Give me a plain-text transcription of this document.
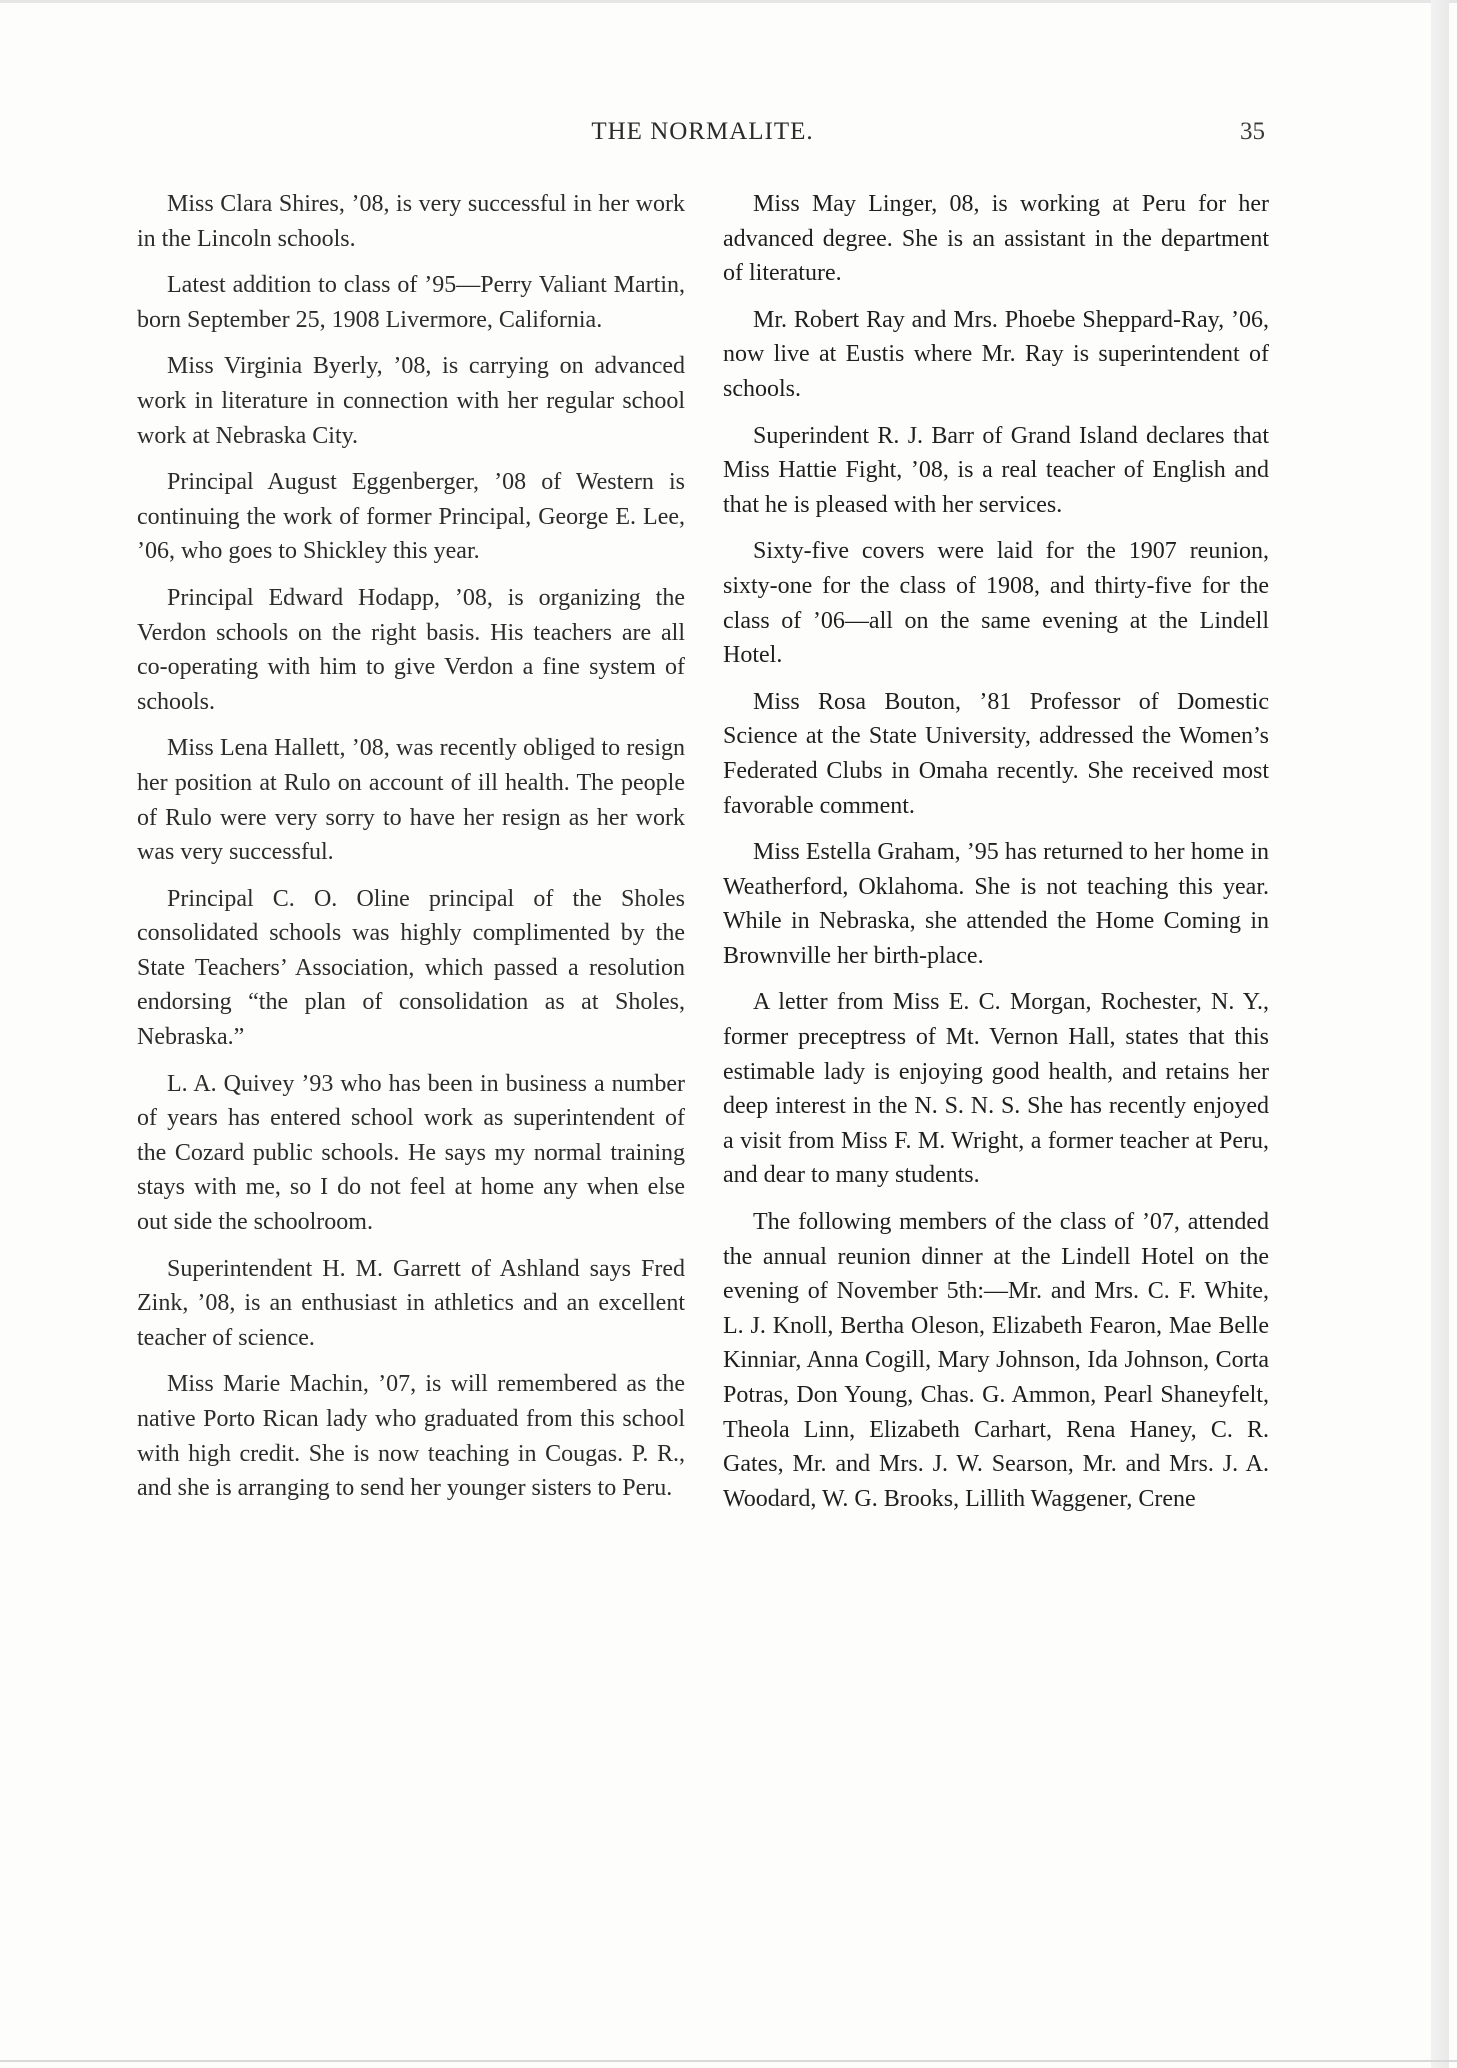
THE NORMALITE.	35

Miss Clara Shires, ’08, is very successful in her work in the Lincoln schools.

Latest addition to class of ’95—Perry Valiant Martin, born September 25, 1908 Livermore, California.

Miss Virginia Byerly, ’08, is carrying on advanced work in literature in connection with her regular school work at Nebraska City.

Principal August Eggenberger, ’08 of Western is continuing the work of former Principal, George E. Lee, ’06, who goes to Shickley this year.

Principal Edward Hodapp, ’08, is organizing the Verdon schools on the right basis. His teachers are all co-operating with him to give Verdon a fine system of schools.

Miss Lena Hallett, ’08, was recently obliged to resign her position at Rulo on account of ill health. The people of Rulo were very sorry to have her resign as her work was very successful.

Principal C. O. Oline principal of the Sholes consolidated schools was highly complimented by the State Teachers’ Association, which passed a resolution endorsing “the plan of consolidation as at Sholes, Nebraska.”

L. A. Quivey ’93 who has been in business a number of years has entered school work as superintendent of the Cozard public schools. He says my normal training stays with me, so I do not feel at home any when else out side the schoolroom.

Superintendent H. M. Garrett of Ashland says Fred Zink, ’08, is an enthusiast in athletics and an excellent teacher of science.

Miss Marie Machin, ’07, is will remembered as the native Porto Rican lady who graduated from this school with high credit. She is now teaching in Cougas. P. R., and she is arranging to send her younger sisters to Peru.

Miss May Linger, 08, is working at Peru for her advanced degree. She is an assistant in the department of literature.

Mr. Robert Ray and Mrs. Phoebe Sheppard-Ray, ’06, now live at Eustis where Mr. Ray is superintendent of schools.

Superindent R. J. Barr of Grand Island declares that Miss Hattie Fight, ’08, is a real teacher of English and that he is pleased with her services.

Sixty-five covers were laid for the 1907 reunion, sixty-one for the class of 1908, and thirty-five for the class of ’06—all on the same evening at the Lindell Hotel.

Miss Rosa Bouton, ’81 Professor of Domestic Science at the State University, addressed the Women’s Federated Clubs in Omaha recently. She received most favorable comment.

Miss Estella Graham, ’95 has returned to her home in Weatherford, Oklahoma. She is not teaching this year. While in Nebraska, she attended the Home Coming in Brownville her birth-place.

A letter from Miss E. C. Morgan, Rochester, N. Y., former preceptress of Mt. Vernon Hall, states that this estimable lady is enjoying good health, and retains her deep interest in the N. S. N. S. She has recently enjoyed a visit from Miss F. M. Wright, a former teacher at Peru, and dear to many students.

The following members of the class of ’07, attended the annual reunion dinner at the Lindell Hotel on the evening of November 5th:—Mr. and Mrs. C. F. White, L. J. Knoll, Bertha Oleson, Elizabeth Fearon, Mae Belle Kinniar, Anna Cogill, Mary Johnson, Ida Johnson, Corta Potras, Don Young, Chas. G. Ammon, Pearl Shaneyfelt, Theola Linn, Elizabeth Carhart, Rena Haney, C. R. Gates, Mr. and Mrs. J. W. Searson, Mr. and Mrs. J. A. Woodard, W. G. Brooks, Lillith Waggener, Crene
